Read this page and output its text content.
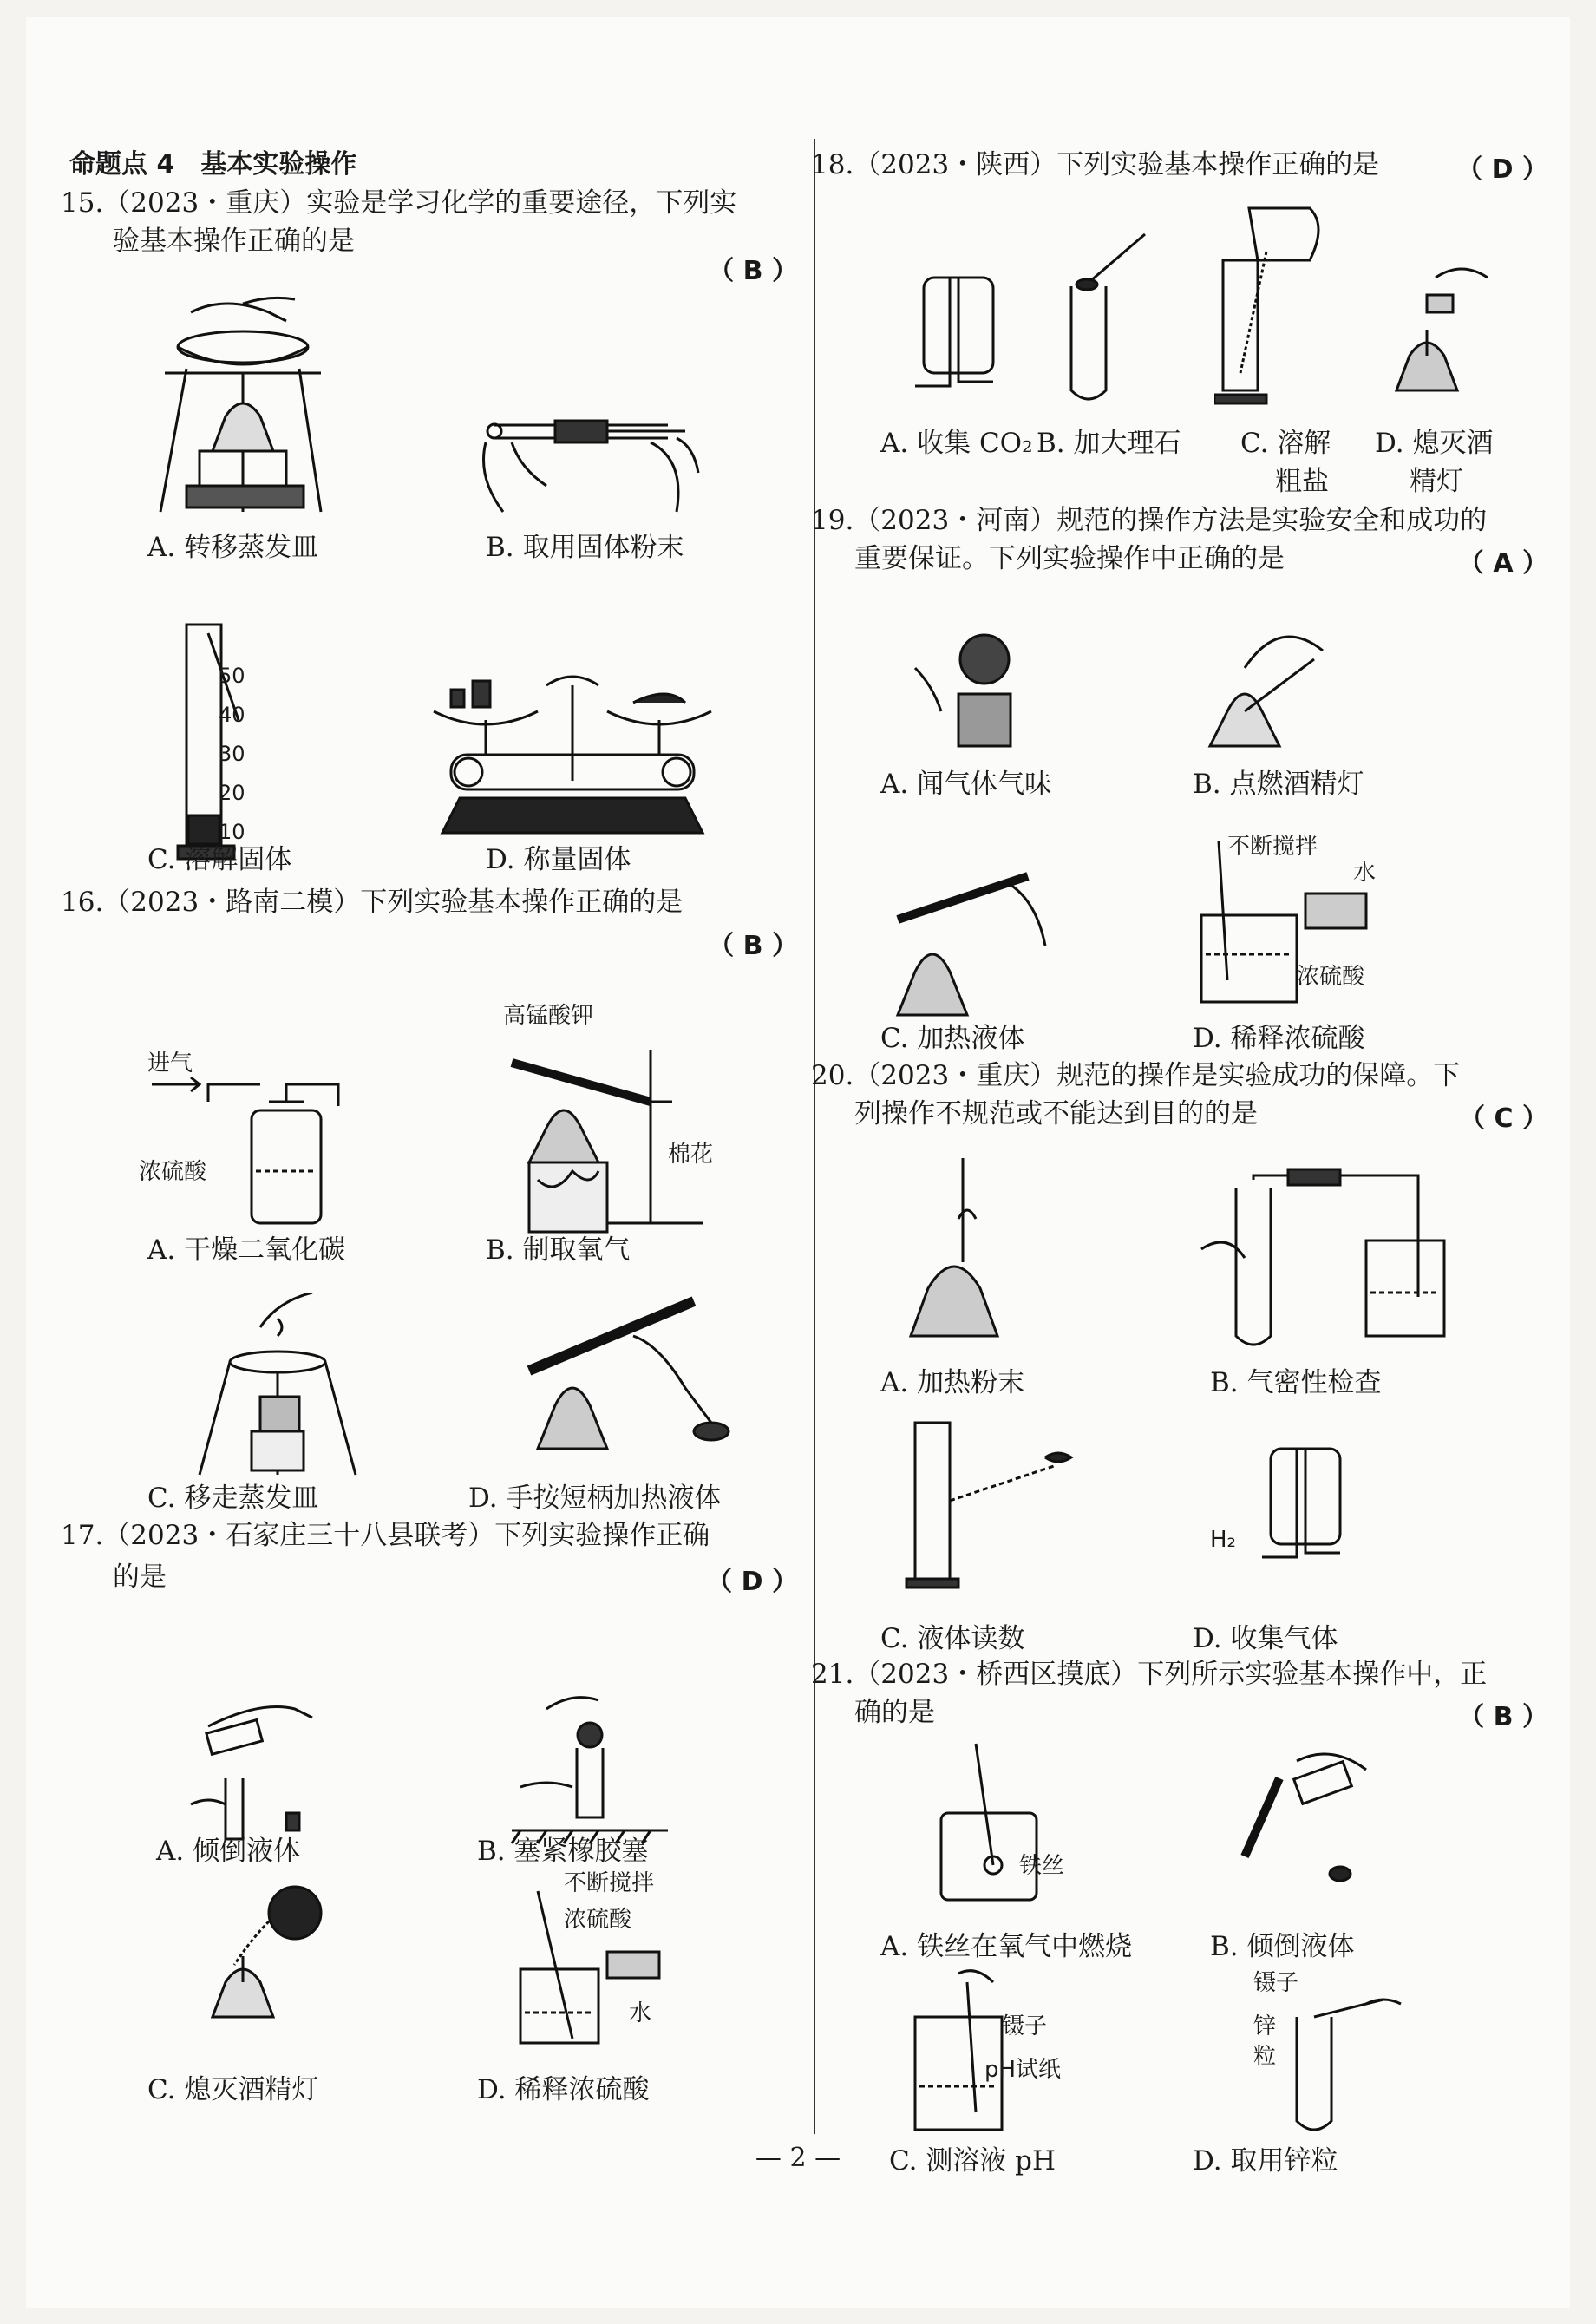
命题点 4　基本实验操作
15.（2023・重庆）实验是学习化学的重要途径，下列实
验基本操作正确的是
（ B ）
A. 转移蒸发皿	B. 取用固体粉末
50
40
30
20
10
C. 溶解固体	D. 称量固体
16.（2023・路南二模）下列实验基本操作正确的是
（ B ）
进气
浓硫酸
A. 干燥二氧化碳
高锰酸钾
棉花
B. 制取氧气
C. 移走蒸发皿	D. 手按短柄加热液体
17.（2023・石家庄三十八县联考）下列实验操作正确
的是	（ D ）
A. 倾倒液体	B. 塞紧橡胶塞
C. 熄灭酒精灯
不断搅拌
浓硫酸
水
D. 稀释浓硫酸
18.（2023・陕西）下列实验基本操作正确的是	（ D ）
A. 收集 CO₂ B. 加大理石 C. 溶解
粗盐
D. 熄灭酒
精灯
19.（2023・河南）规范的操作方法是实验安全和成功的
重要保证。下列实验操作中正确的是	（ A ）
A. 闻气体气味	B. 点燃酒精灯
C. 加热液体
不断搅拌
水
浓硫酸
D. 稀释浓硫酸
20.（2023・重庆）规范的操作是实验成功的保障。下
列操作不规范或不能达到目的的是	（ C ）
A. 加热粉末	B. 气密性检查
C. 液体读数
H₂
D. 收集气体
21.（2023・桥西区摸底）下列所示实验基本操作中，正
确的是	（ B ）
铁丝
A. 铁丝在氧气中燃烧	B. 倾倒液体
镊子
pH试纸
C. 测溶液 pH
镊子
锌
粒
D. 取用锌粒
— 2 —
